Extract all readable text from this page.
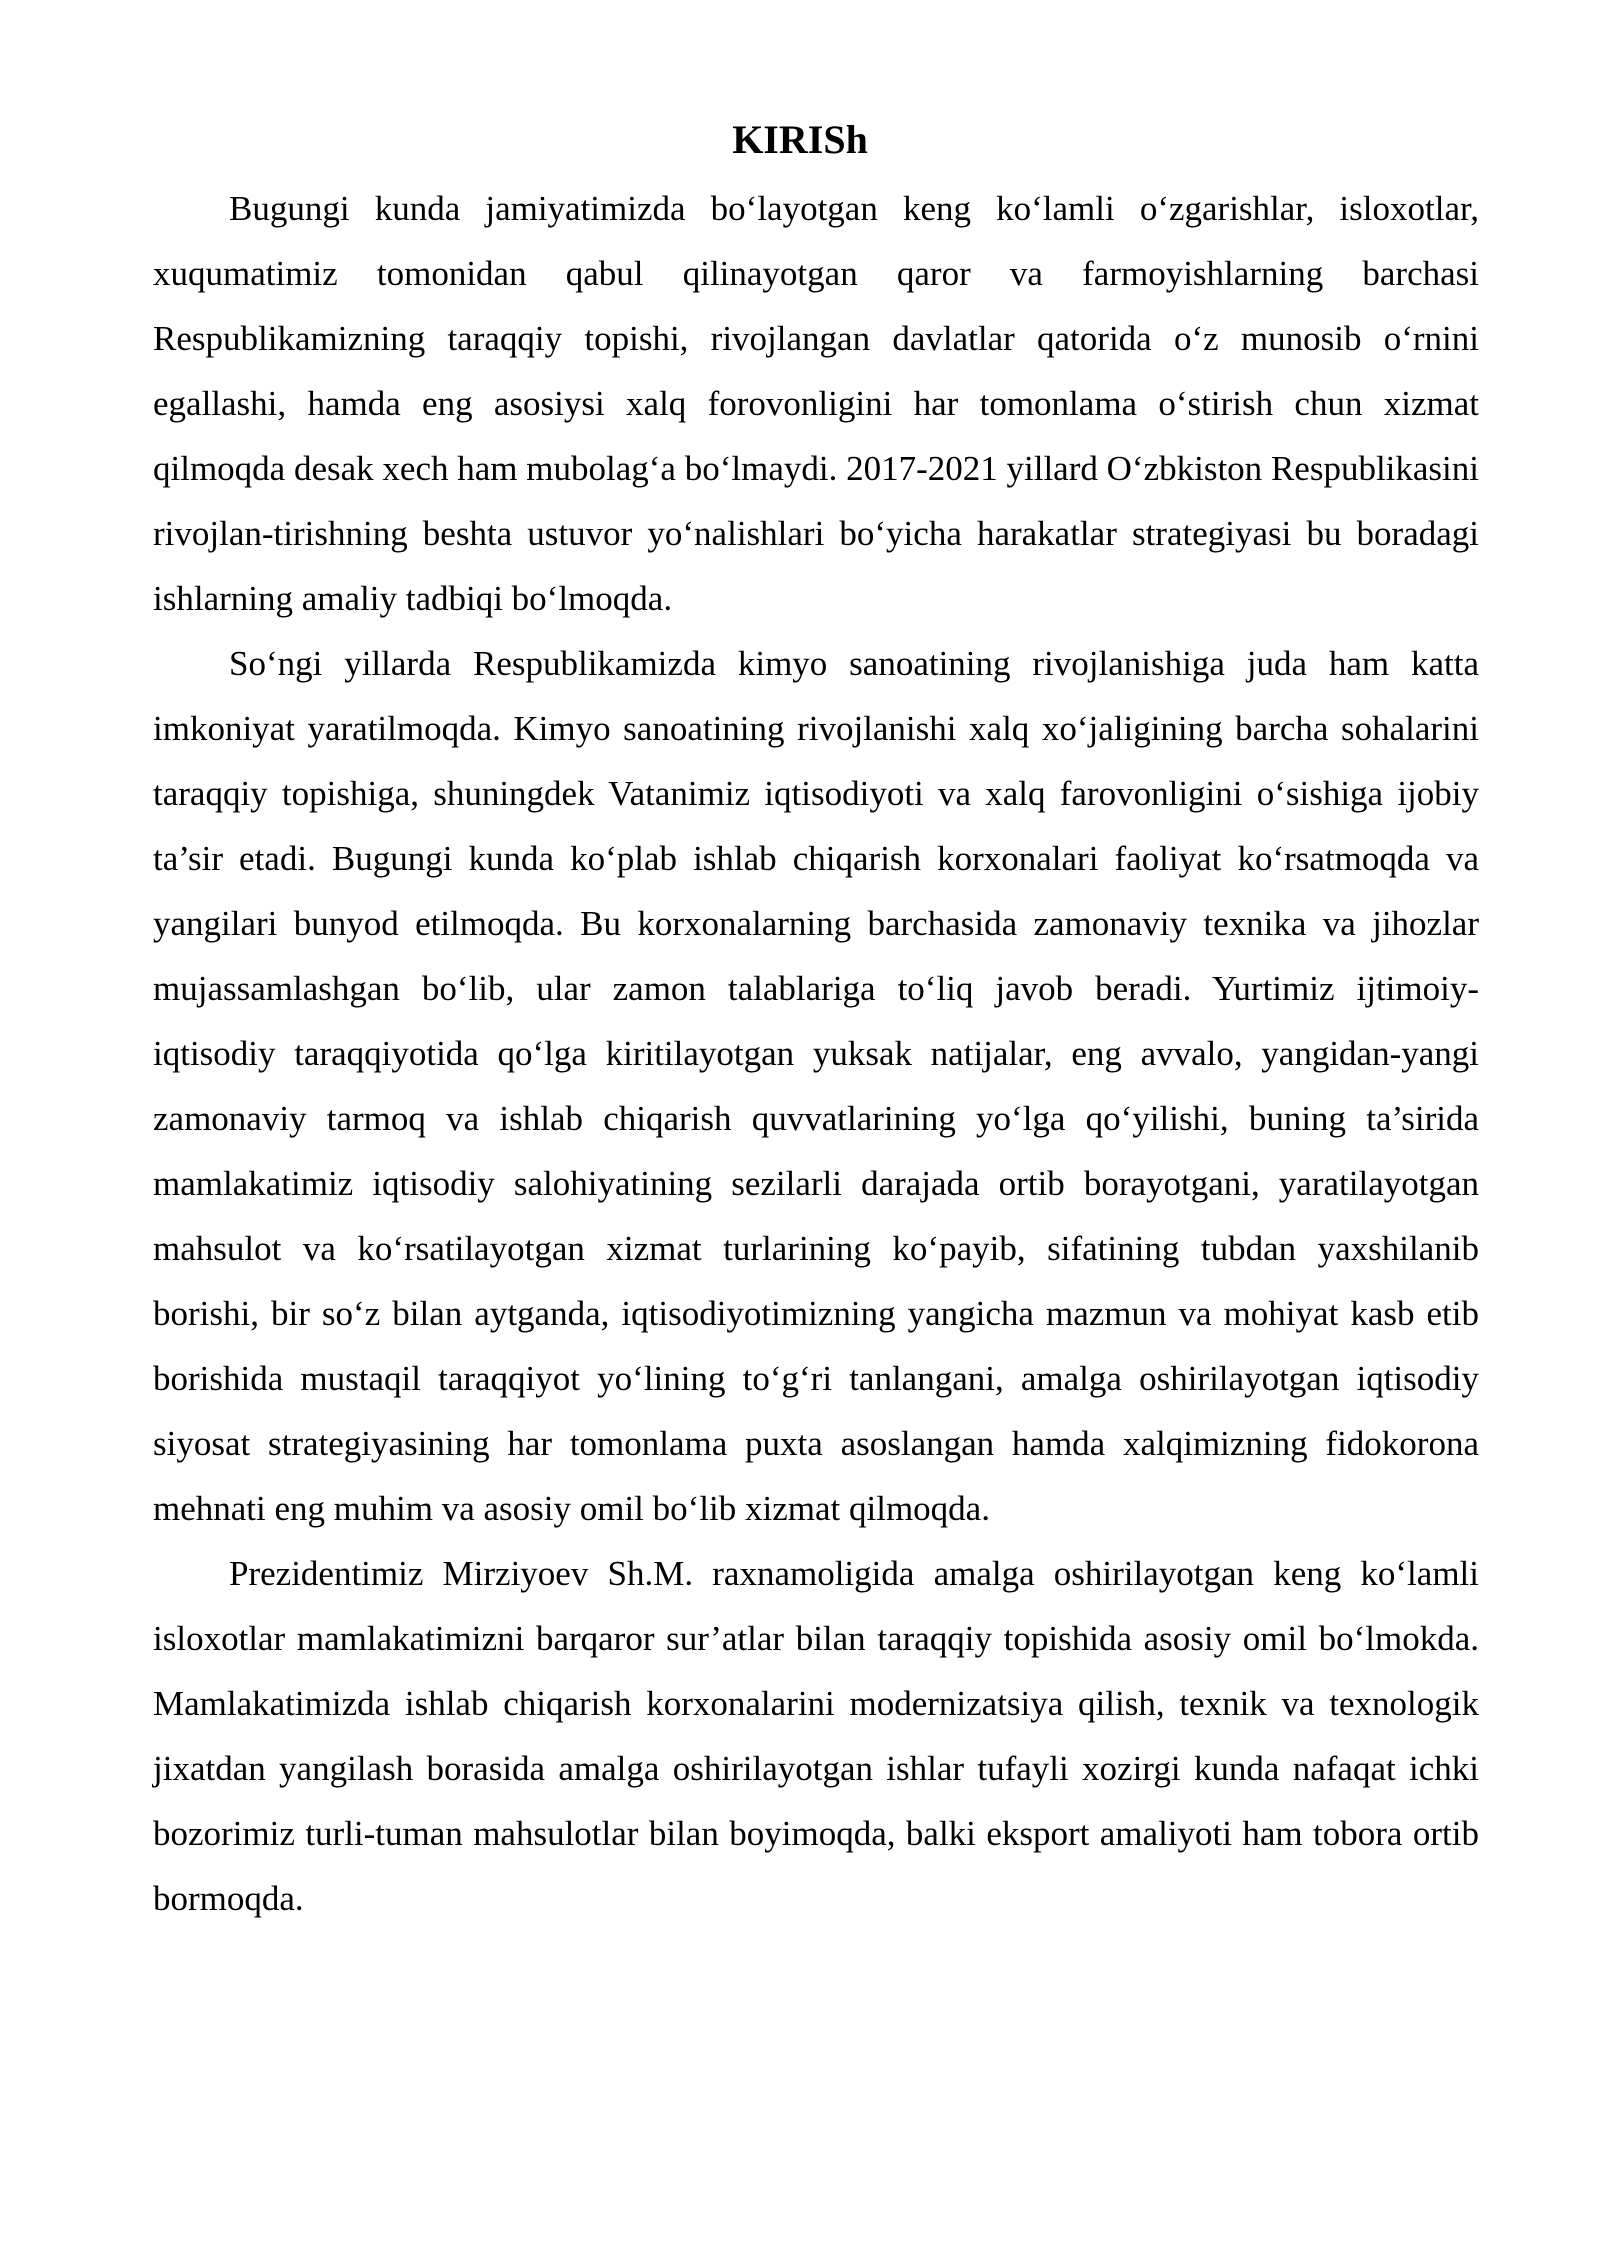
KIRISh

Bugungi kunda jamiyatimizda bo‘layotgan keng ko‘lamli o‘zgarishlar, isloxotlar, xuqumatimiz tomonidan qabul qilinayotgan qaror va farmoyishlarning barchasi Respublikamizning taraqqiy topishi, rivojlangan davlatlar qatorida o‘z munosib o‘rnini egallashi, hamda eng asosiysi xalq forovonligini har tomonlama o‘stirish chun xizmat qilmoqda desak xech ham mubolag‘a bo‘lmaydi. 2017-2021 yillard O‘zbkiston Respublikasini rivojlan-tirishning beshta ustuvor yo‘nalishlari bo‘yicha harakatlar strategiyasi bu boradagi ishlarning amaliy tadbiqi bo‘lmoqda.

So‘ngi yillarda Respublikamizda kimyo sanoatining rivojlanishiga juda ham katta imkoniyat yaratilmoqda. Kimyo sanoatining rivojlanishi xalq xo‘jaligining barcha sohalarini taraqqiy topishiga, shuningdek Vatanimiz iqtisodiyoti va xalq farovonligini o‘sishiga ijobiy ta’sir etadi. Bugungi kunda ko‘plab ishlab chiqarish korxonalari faoliyat ko‘rsatmoqda va yangilari bunyod etilmoqda. Bu korxonalarning barchasida zamonaviy texnika va jihozlar mujassamlashgan bo‘lib, ular zamon talablariga to‘liq javob beradi. Yurtimiz ijtimoiy-iqtisodiy taraqqiyotida qo‘lga kiritilayotgan yuksak natijalar, eng avvalo, yangidan-yangi zamonaviy tarmoq va ishlab chiqarish quvvatlarining yo‘lga qo‘yilishi, buning ta’sirida mamlakatimiz iqtisodiy salohiyatining sezilarli darajada ortib borayotgani, yaratilayotgan mahsulot va ko‘rsatilayotgan xizmat turlarining ko‘payib, sifatining tubdan yaxshilanib borishi, bir so‘z bilan aytganda, iqtisodiyotimizning yangicha mazmun va mohiyat kasb etib borishida mustaqil taraqqiyot yo‘lining to‘g‘ri tanlangani, amalga oshirilayotgan iqtisodiy siyosat strategiyasining har tomonlama puxta asoslangan hamda xalqimizning fidokorona mehnati eng muhim va asosiy omil bo‘lib xizmat qilmoqda.

Prezidentimiz Mirziyoev Sh.M. raxnamoligida amalga oshirilayotgan keng ko‘lamli isloxotlar mamlakatimizni barqaror sur’atlar bilan taraqqiy topishida asosiy omil bo‘lmokda. Mamlakatimizda ishlab chiqarish korxonalarini modernizatsiya qilish, texnik va texnologik jixatdan yangilash borasida amalga oshirilayotgan ishlar tufayli xozirgi kunda nafaqat ichki bozorimiz turli-tuman mahsulotlar bilan boyimoqda, balki eksport amaliyoti ham tobora ortib bormoqda.
